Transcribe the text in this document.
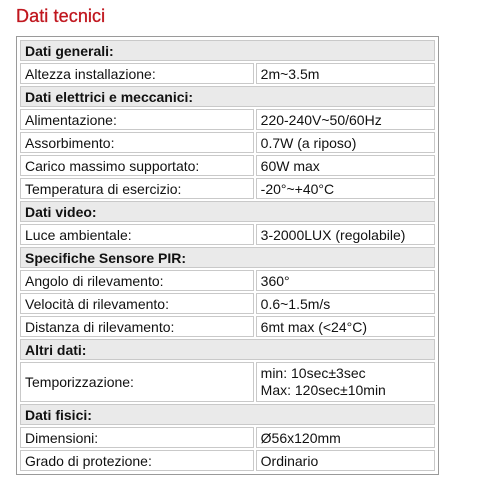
Dati tecnici
Dati generali:	
Altezza installazione:	2m~3.5m
Dati elettrici e meccanici:	
Alimentazione:	220-240V~50/60Hz
Assorbimento:	0.7W (a riposo)
Carico massimo supportato:	60W max
Temperatura di esercizio:	-20°~+40°C
Dati video:	
Luce ambientale:	3-2000LUX (regolabile)
Specifiche Sensore PIR:	
Angolo di rilevamento:	360°
Velocità di rilevamento:	0.6~1.5m/s
Distanza di rilevamento:	6mt max (<24°C)
Altri dati:	
Temporizzazione:	min: 10sec±3sec
Max: 120sec±10min

Dati fisici:	
Dimensioni:	Ø56x120mm
Grado di protezione:	Ordinario
